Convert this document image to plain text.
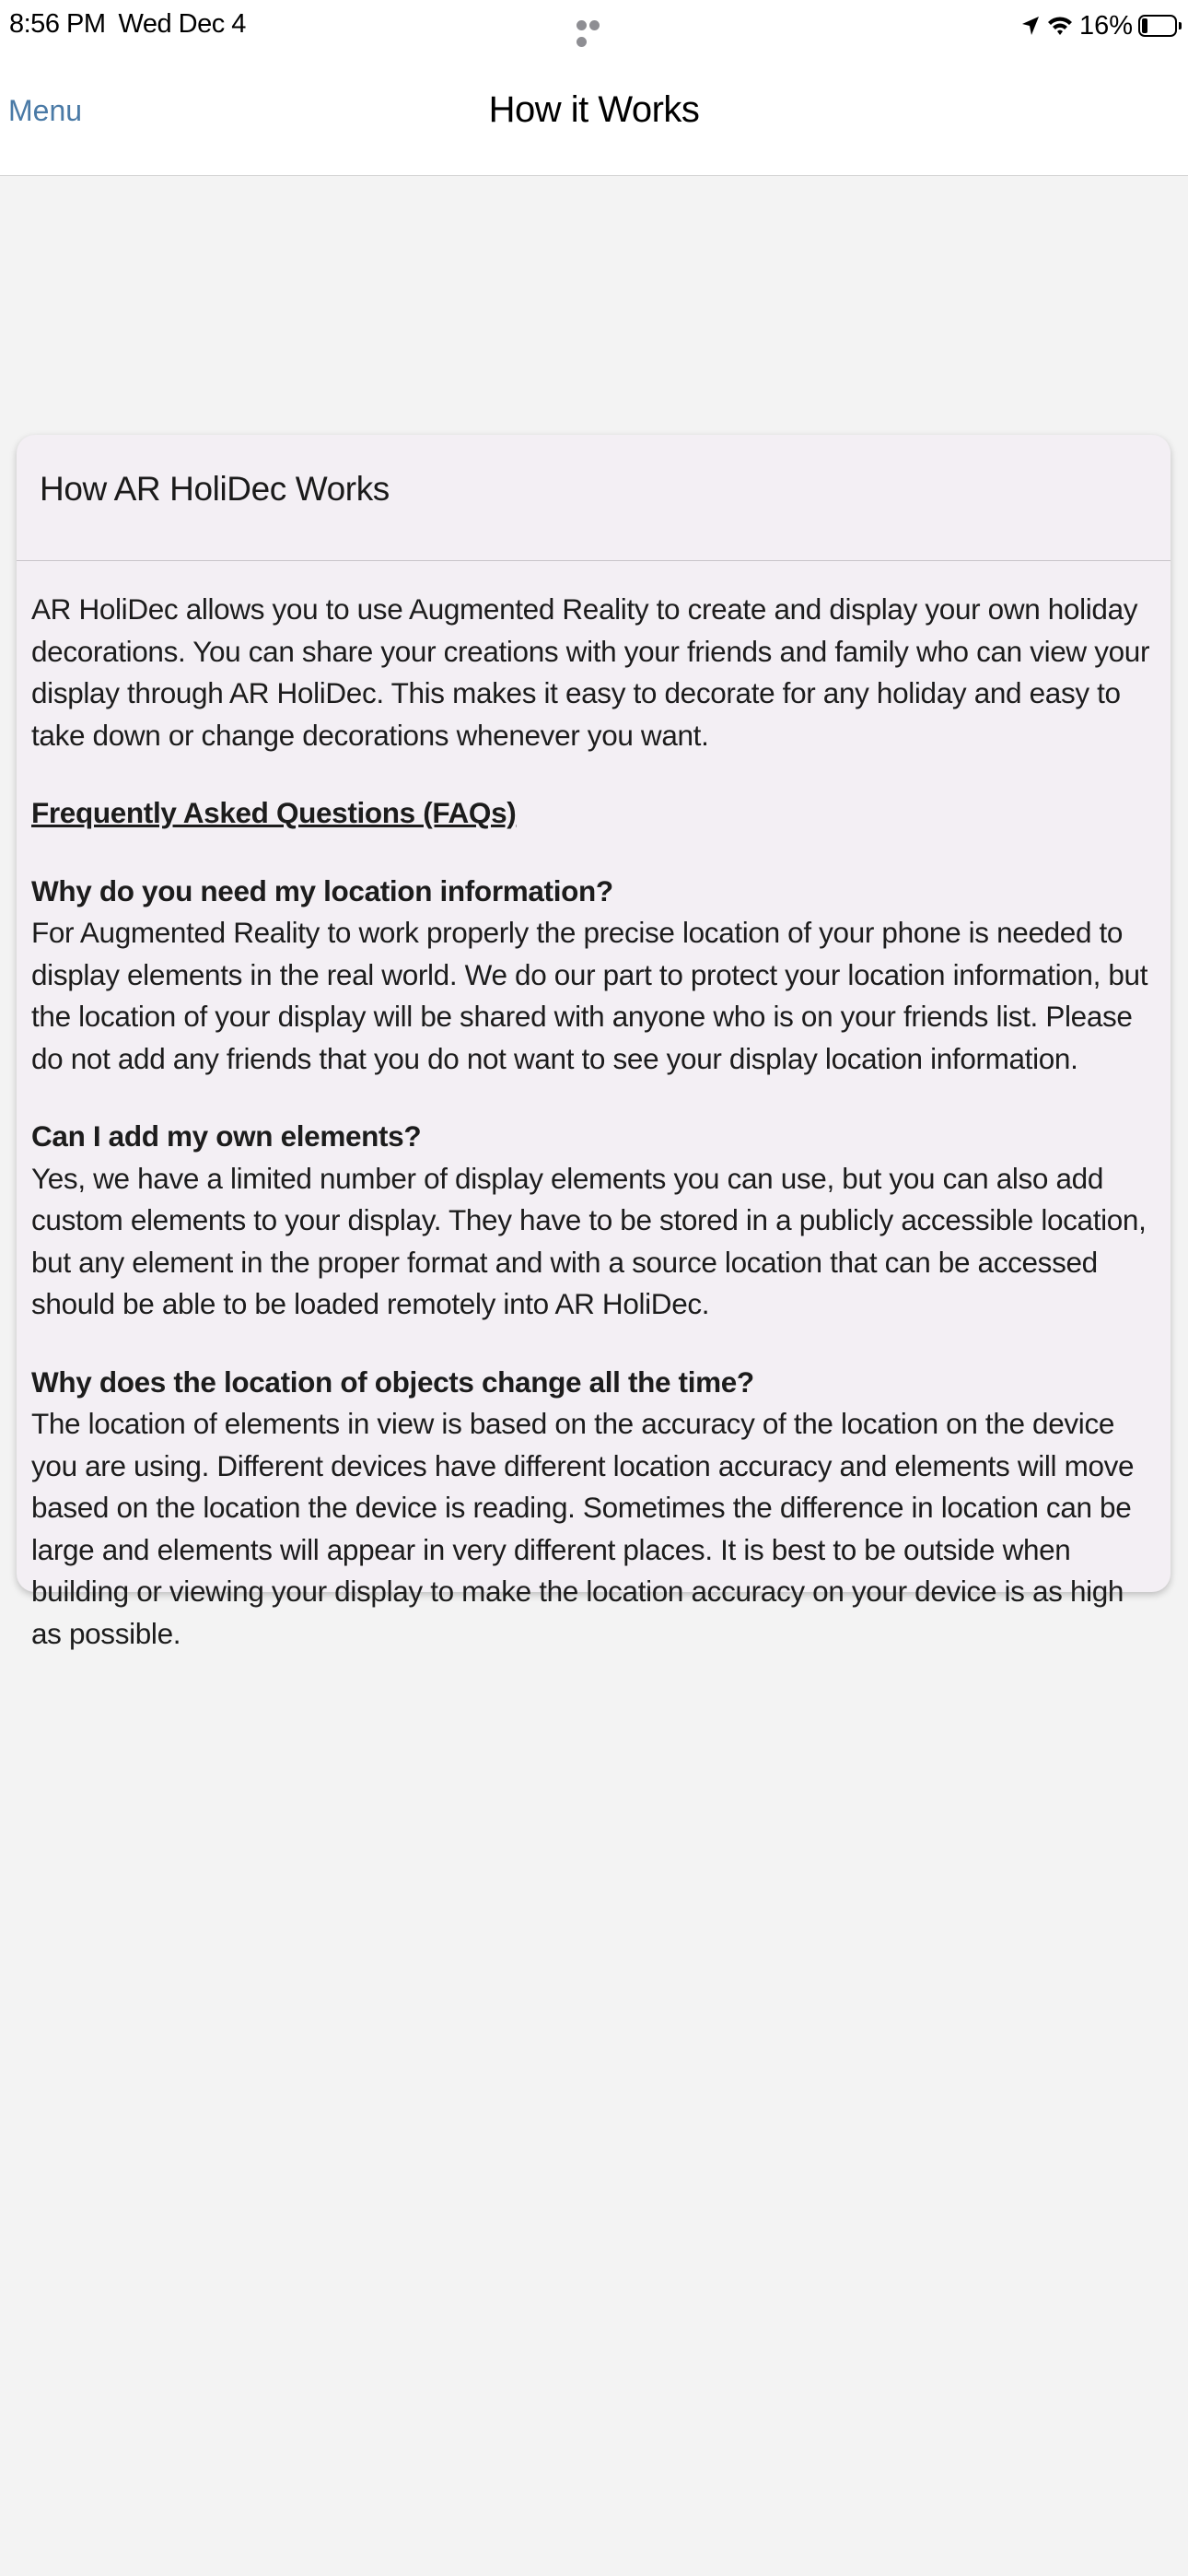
8:56 PM Wed Dec 4	16%
Menu	How it Works
How AR HoliDec Works

AR HoliDec allows you to use Augmented Reality to create and display your own holiday decorations. You can share your creations with your friends and family who can view your display through AR HoliDec. This makes it easy to decorate for any holiday and easy to take down or change decorations whenever you want.

Frequently Asked Questions (FAQs)
Why do you need my location information?
For Augmented Reality to work properly the precise location of your phone is needed to display elements in the real world. We do our part to protect your location information, but the location of your display will be shared with anyone who is on your friends list. Please do not add any friends that you do not want to see your display location information.
Can I add my own elements?
Yes, we have a limited number of display elements you can use, but you can also add custom elements to your display. They have to be stored in a publicly accessible location, but any element in the proper format and with a source location that can be accessed should be able to be loaded remotely into AR HoliDec.
Why does the location of objects change all the time?
The location of elements in view is based on the accuracy of the location on the device you are using. Different devices have different location accuracy and elements will move based on the location the device is reading. Sometimes the difference in location can be large and elements will appear in very different places. It is best to be outside when building or viewing your display to make the location accuracy on your device is as high as possible.
